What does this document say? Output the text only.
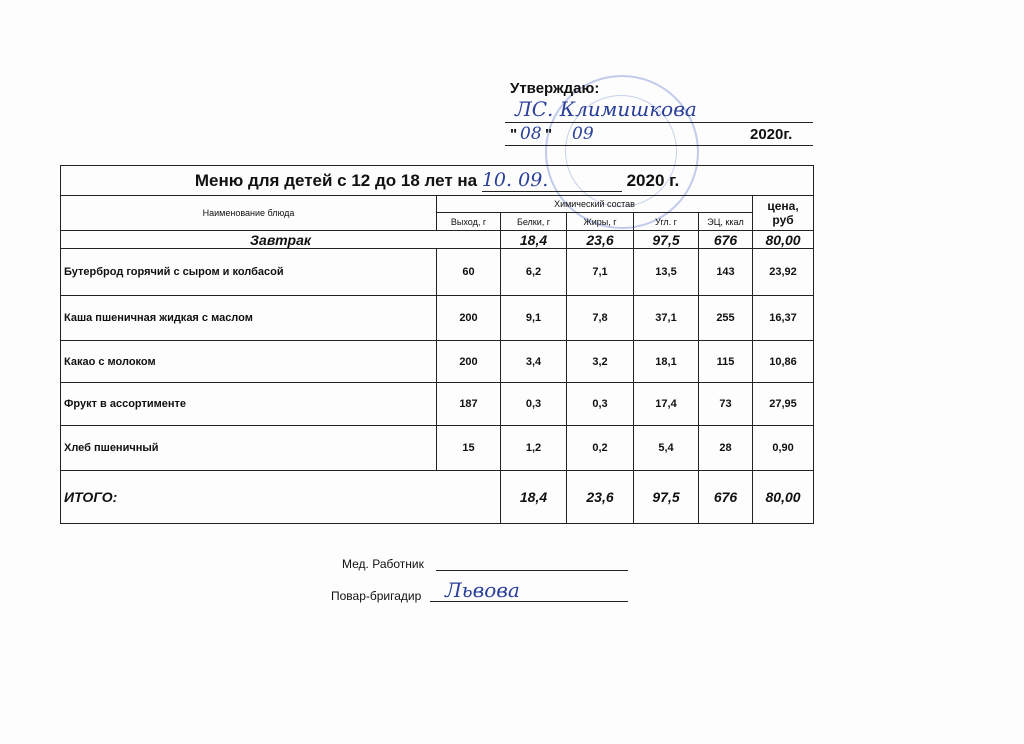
Утверждаю:
ЛС. Климишкова
" 08 " 09	2020г.
Меню для детей с 12 до 18 лет на 10. 09. 2020 г.						
Наименование блюда	Химический состав					цена, руб
	Выход, г	Белки, г	Жиры, г	Угл. г	ЭЦ, ккал	
Завтрак		18,4	23,6	97,5	676	80,00
Бутерброд горячий с сыром и колбасой	60	6,2	7,1	13,5	143	23,92
Каша пшеничная жидкая с маслом	200	9,1	7,8	37,1	255	16,37
Какао с молоком	200	3,4	3,2	18,1	115	10,86
Фрукт в ассортименте	187	0,3	0,3	17,4	73	27,95
Хлеб пшеничный	15	1,2	0,2	5,4	28	0,90
ИТОГО:		18,4	23,6	97,5	676	80,00
Мед. Работник
Повар-бригадир Львова
